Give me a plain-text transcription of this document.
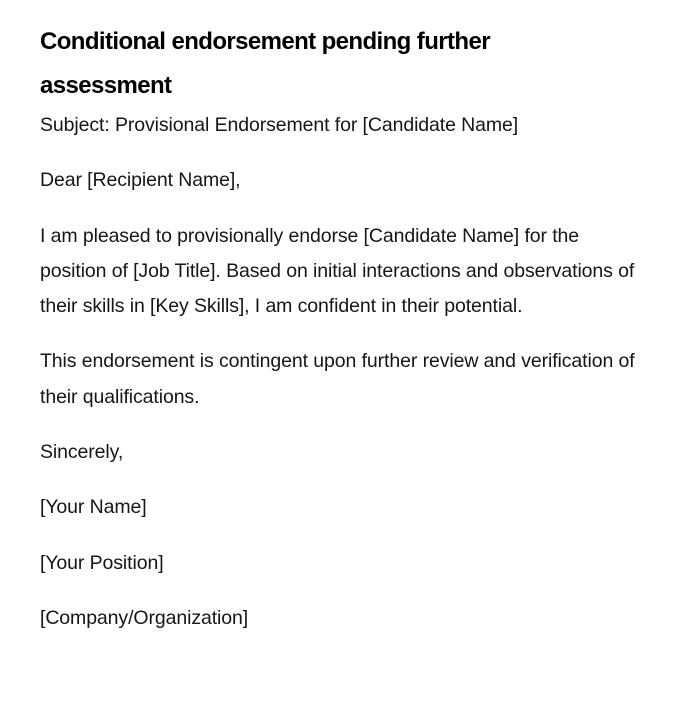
Conditional endorsement pending further assessment

Subject: Provisional Endorsement for [Candidate Name]

Dear [Recipient Name],

I am pleased to provisionally endorse [Candidate Name] for the position of [Job Title]. Based on initial interactions and observations of their skills in [Key Skills], I am confident in their potential.

This endorsement is contingent upon further review and verification of their qualifications.

Sincerely,

[Your Name]

[Your Position]

[Company/Organization]
